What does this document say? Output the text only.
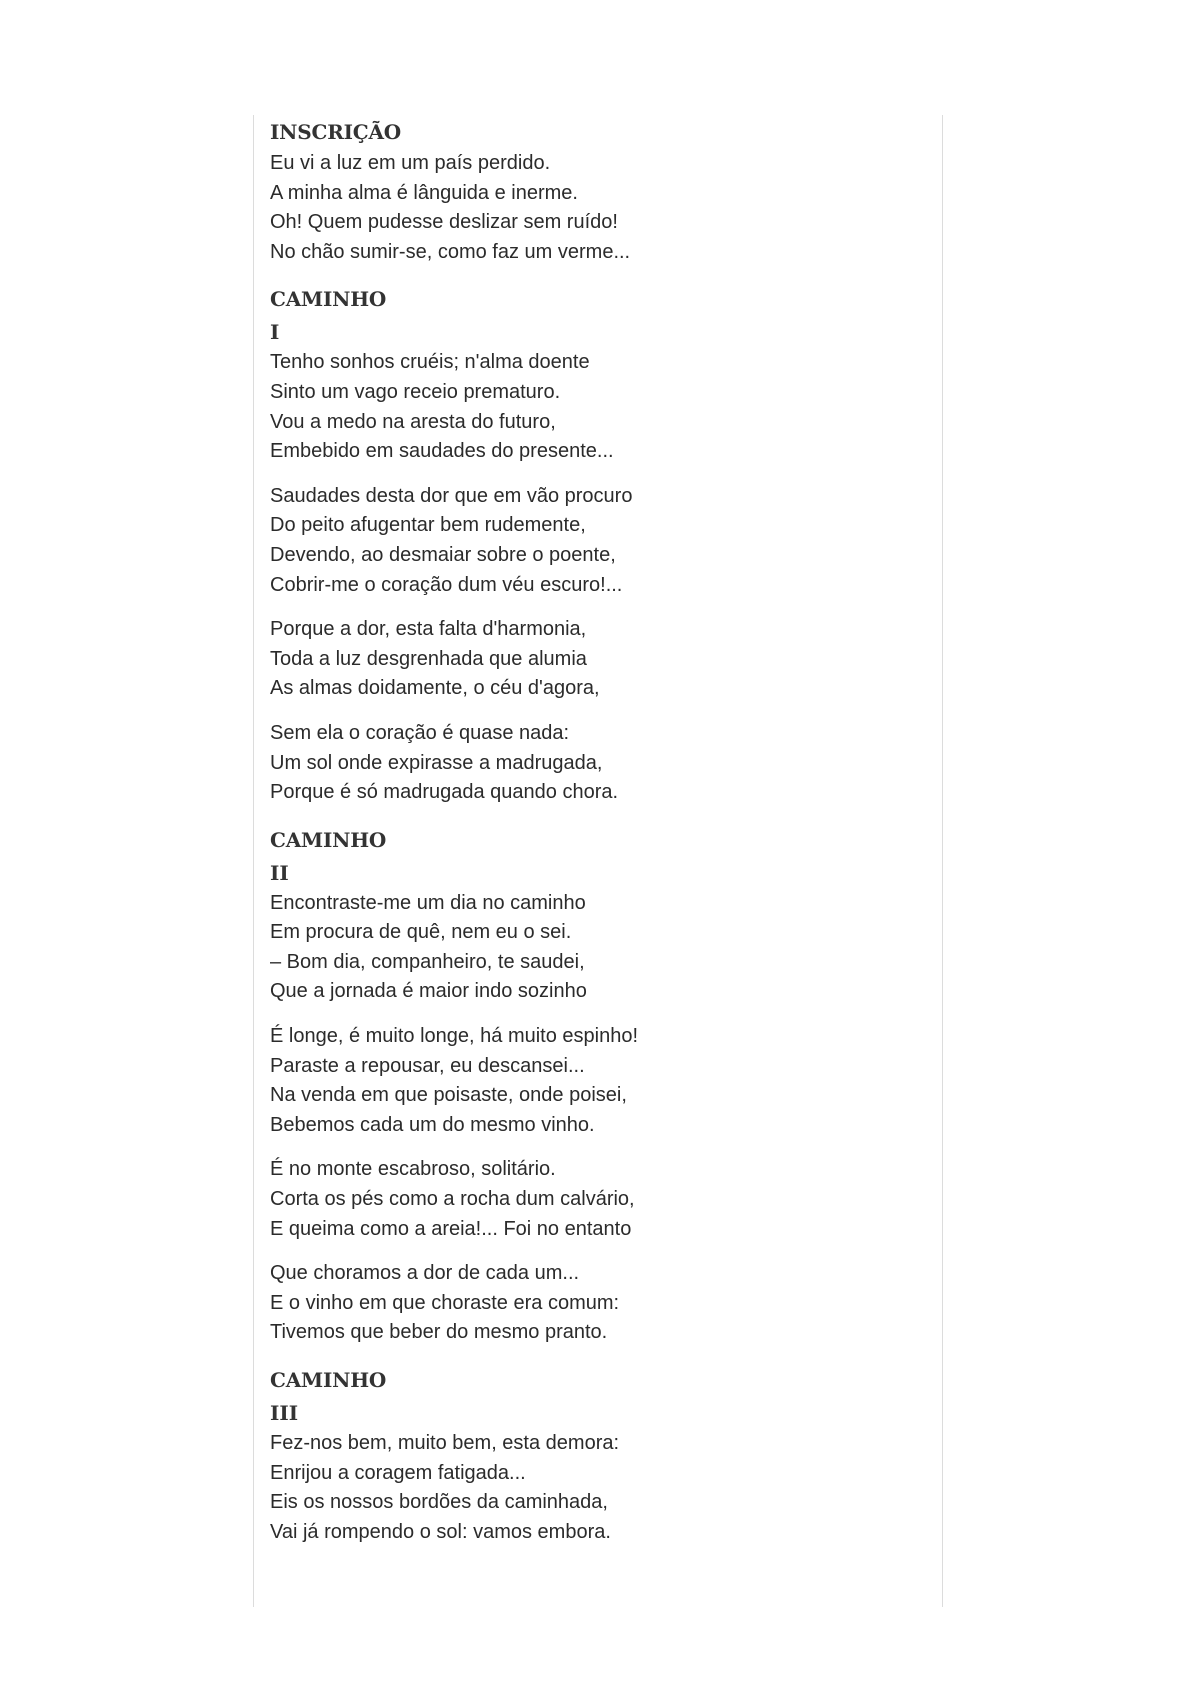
INSCRIÇÃO
Eu vi a luz em um país perdido.
A minha alma é lânguida e inerme.
Oh! Quem pudesse deslizar sem ruído!
No chão sumir-se, como faz um verme...
CAMINHO
I
Tenho sonhos cruéis; n'alma doente
Sinto um vago receio prematuro.
Vou a medo na aresta do futuro,
Embebido em saudades do presente...
Saudades desta dor que em vão procuro
Do peito afugentar bem rudemente,
Devendo, ao desmaiar sobre o poente,
Cobrir-me o coração dum véu escuro!...
Porque a dor, esta falta d'harmonia,
Toda a luz desgrenhada que alumia
As almas doidamente, o céu d'agora,
Sem ela o coração é quase nada:
Um sol onde expirasse a madrugada,
Porque é só madrugada quando chora.
CAMINHO
II
Encontraste-me um dia no caminho
Em procura de quê, nem eu o sei.
– Bom dia, companheiro, te saudei,
Que a jornada é maior indo sozinho
É longe, é muito longe, há muito espinho!
Paraste a repousar, eu descansei...
Na venda em que poisaste, onde poisei,
Bebemos cada um do mesmo vinho.
É no monte escabroso, solitário.
Corta os pés como a rocha dum calvário,
E queima como a areia!... Foi no entanto
Que choramos a dor de cada um...
E o vinho em que choraste era comum:
Tivemos que beber do mesmo pranto.
CAMINHO
III
Fez-nos bem, muito bem, esta demora:
Enrijou a coragem fatigada...
Eis os nossos bordões da caminhada,
Vai já rompendo o sol: vamos embora.
